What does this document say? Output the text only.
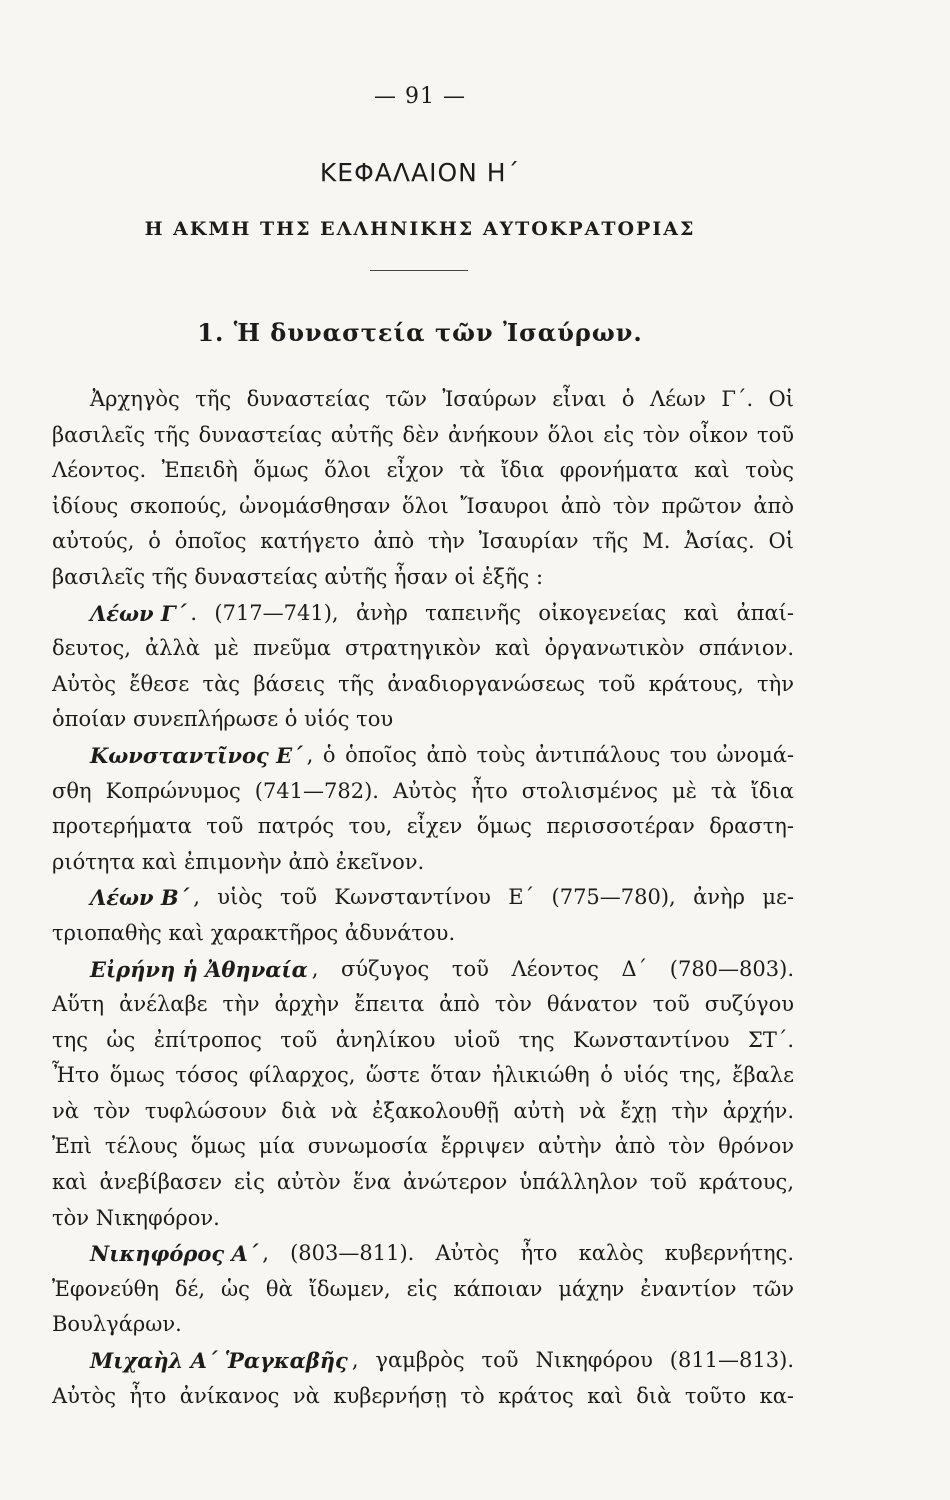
— 91 —
ΚΕΦΑΛΑΙΟΝ Η΄
Η ΑΚΜΗ ΤΗΣ ΕΛΛΗΝΙΚΗΣ ΑΥΤΟΚΡΑΤΟΡΙΑΣ
1. Ἡ δυναστεία τῶν Ἰσαύρων.
Ἀρχηγὸς τῆς δυναστείας τῶν Ἰσαύρων εἶναι ὁ Λέων Γ΄. Οἱ
βασιλεῖς τῆς δυναστείας αὐτῆς δὲν ἀνήκουν ὅλοι εἰς τὸν οἶκον τοῦ
Λέοντος. Ἐπειδὴ ὅμως ὅλοι εἶχον τὰ ἴδια φρονήματα καὶ τοὺς
ἰδίους σκοπούς, ὠνομάσθησαν ὅλοι Ἴσαυροι ἀπὸ τὸν πρῶτον ἀπὸ
αὐτούς, ὁ ὁποῖος κατήγετο ἀπὸ τὴν Ἰσαυρίαν τῆς Μ. Ἀσίας. Οἱ
βασιλεῖς τῆς δυναστείας αὐτῆς ἦσαν οἱ ἑξῆς :
Λέων Γ΄ . (717—741), ἀνὴρ ταπεινῆς οἰκογενείας καὶ ἀπαί-
δευτος, ἀλλὰ μὲ πνεῦμα στρατηγικὸν καὶ ὀργανωτικὸν σπάνιον.
Αὐτὸς ἔθεσε τὰς βάσεις τῆς ἀναδιοργανώσεως τοῦ κράτους, τὴν
ὁποίαν συνεπλήρωσε ὁ υἱός του
Κωνσταντῖνος Ε΄ , ὁ ὁποῖος ἀπὸ τοὺς ἀντιπάλους του ὠνομά-
σθη Κοπρώνυμος (741—782). Αὐτὸς ἦτο στολισμένος μὲ τὰ ἴδια
προτερήματα τοῦ πατρός του, εἶχεν ὅμως περισσοτέραν δραστη-
ριότητα καὶ ἐπιμονὴν ἀπὸ ἐκεῖνον.
Λέων Β΄ , υἱὸς τοῦ Κωνσταντίνου Ε΄ (775—780), ἀνὴρ με-
τριοπαθὴς καὶ χαρακτῆρος ἀδυνάτου.
Εἰρήνη ἡ Ἀθηναία , σύζυγος τοῦ Λέοντος Δ΄ (780—803).
Αὕτη ἀνέλαβε τὴν ἀρχὴν ἔπειτα ἀπὸ τὸν θάνατον τοῦ συζύγου
της ὡς ἐπίτροπος τοῦ ἀνηλίκου υἱοῦ της Κωνσταντίνου ΣΤ΄.
Ἦτο ὅμως τόσος φίλαρχος, ὥστε ὅταν ἠλικιώθη ὁ υἱός της, ἔβαλε
νὰ τὸν τυφλώσουν διὰ νὰ ἐξακολουθῇ αὐτὴ νὰ ἔχῃ τὴν ἀρχήν.
Ἐπὶ τέλους ὅμως μία συνωμοσία ἔρριψεν αὐτὴν ἀπὸ τὸν θρόνον
καὶ ἀνεβίβασεν εἰς αὐτὸν ἕνα ἀνώτερον ὑπάλληλον τοῦ κράτους,
τὸν Νικηφόρον.
Νικηφόρος Α΄ , (803—811). Αὐτὸς ἦτο καλὸς κυβερνήτης.
Ἐφονεύθη δέ, ὡς θὰ ἴδωμεν, εἰς κάποιαν μάχην ἐναντίον τῶν
Βουλγάρων.
Μιχαὴλ Α΄ Ῥαγκαβῆς , γαμβρὸς τοῦ Νικηφόρου (811—813).
Αὐτὸς ἦτο ἀνίκανος νὰ κυβερνήσῃ τὸ κράτος καὶ διὰ τοῦτο κα-
